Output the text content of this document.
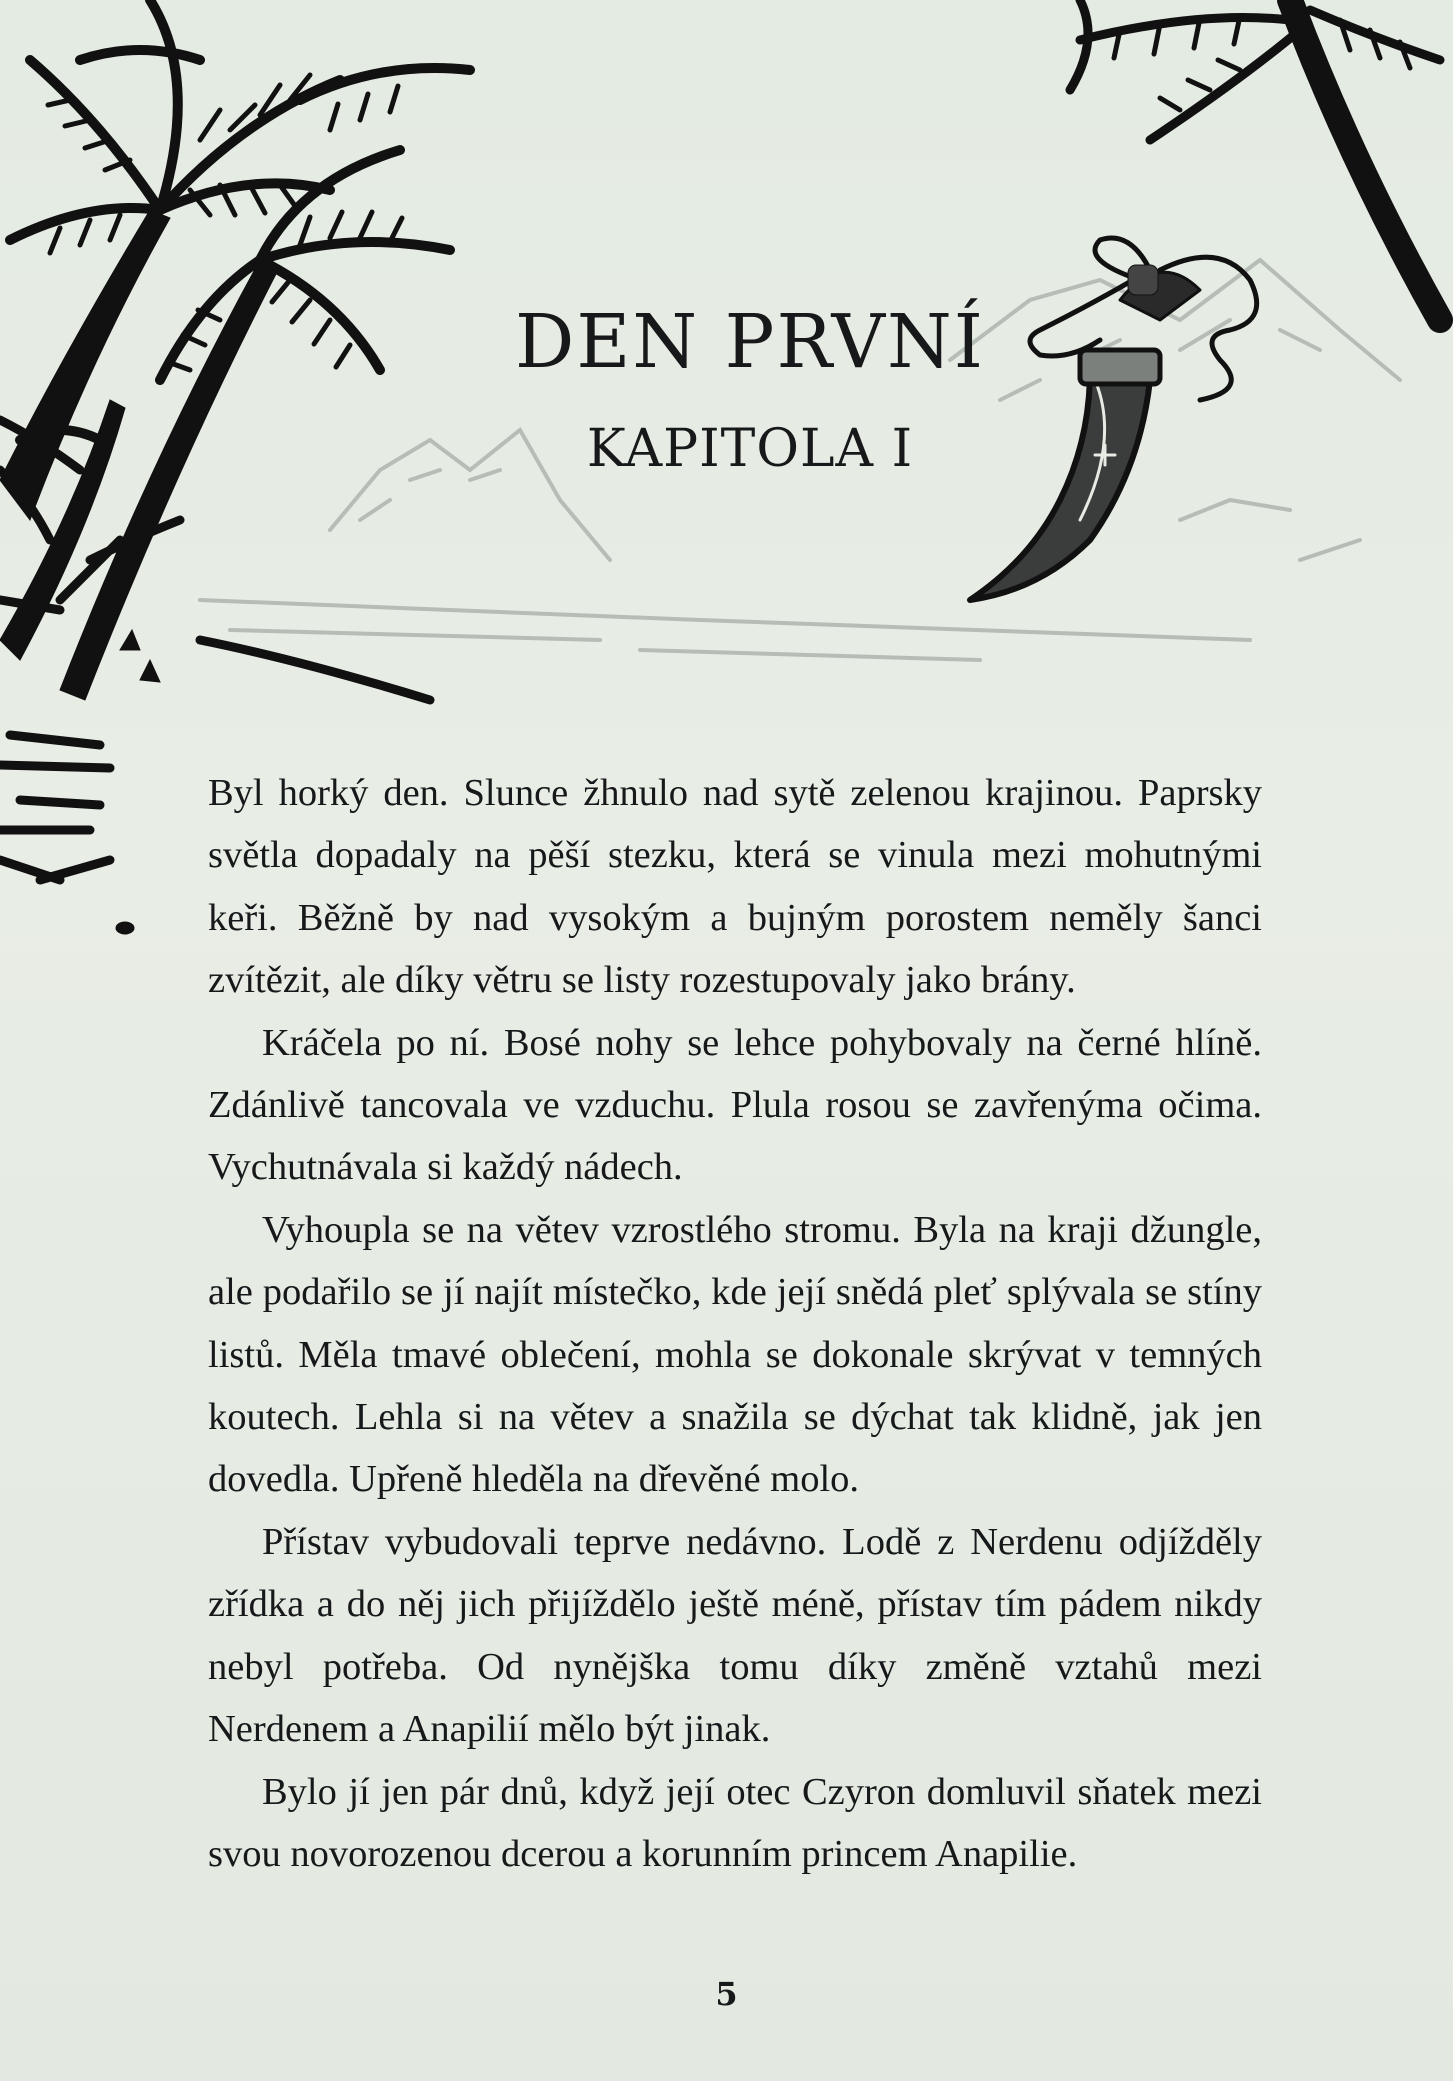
DEN PRVNÍ
KAPITOLA I

Byl horký den. Slunce žhnulo nad sytě zelenou krajinou. Paprsky světla dopadaly na pěší stezku, která se vinula mezi mohutnými keři. Běžně by nad vysokým a bujným porostem neměly šanci zvítězit, ale díky větru se listy rozestupovaly jako brány.

Kráčela po ní. Bosé nohy se lehce pohybovaly na černé hlíně. Zdánlivě tancovala ve vzduchu. Plula rosou se zavřenýma očima. Vychutnávala si každý nádech.

Vyhoupla se na větev vzrostlého stromu. Byla na kraji džungle, ale podařilo se jí najít místečko, kde její snědá pleť splývala se stíny listů. Měla tmavé oblečení, mohla se dokonale skrývat v temných koutech. Lehla si na větev a snažila se dýchat tak klidně, jak jen dovedla. Upřeně hleděla na dřevěné molo.

Přístav vybudovali teprve nedávno. Lodě z Nerdenu odjížděly zřídka a do něj jich přijíždělo ještě méně, přístav tím pádem nikdy nebyl potřeba. Od nynějška tomu díky změně vztahů mezi Nerdenem a Anapilií mělo být jinak.

Bylo jí jen pár dnů, když její otec Czyron domluvil sňatek mezi svou novorozenou dcerou a korunním princem Anapilie.

5
